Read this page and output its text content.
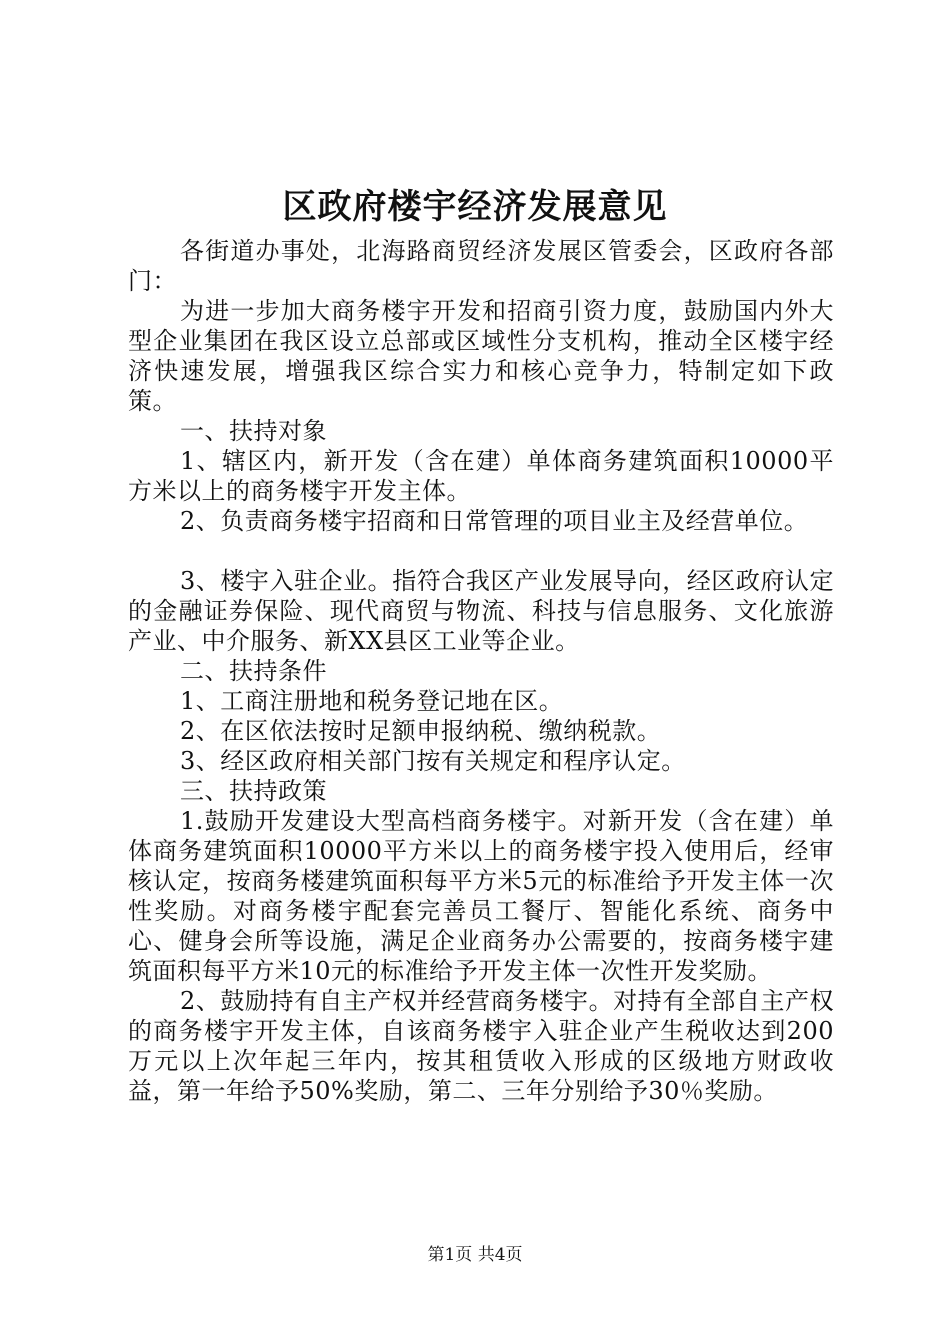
区政府楼宇经济发展意见

各街道办事处，北海路商贸经济发展区管委会，区政府各部门：

为进一步加大商务楼宇开发和招商引资力度，鼓励国内外大型企业集团在我区设立总部或区域性分支机构，推动全区楼宇经济快速发展，增强我区综合实力和核心竞争力，特制定如下政策。

一、扶持对象

1、辖区内，新开发（含在建）单体商务建筑面积10000平方米以上的商务楼宇开发主体。

2、负责商务楼宇招商和日常管理的项目业主及经营单位。

3、楼宇入驻企业。指符合我区产业发展导向，经区政府认定的金融证券保险、现代商贸与物流、科技与信息服务、文化旅游产业、中介服务、新XX县区工业等企业。

二、扶持条件

1、工商注册地和税务登记地在区。

2、在区依法按时足额申报纳税、缴纳税款。

3、经区政府相关部门按有关规定和程序认定。

三、扶持政策

1.鼓励开发建设大型高档商务楼宇。对新开发（含在建）单体商务建筑面积10000平方米以上的商务楼宇投入使用后，经审核认定，按商务楼建筑面积每平方米5元的标准给予开发主体一次性奖励。对商务楼宇配套完善员工餐厅、智能化系统、商务中心、健身会所等设施，满足企业商务办公需要的，按商务楼宇建筑面积每平方米10元的标准给予开发主体一次性开发奖励。

2、鼓励持有自主产权并经营商务楼宇。对持有全部自主产权的商务楼宇开发主体，自该商务楼宇入驻企业产生税收达到200万元以上次年起三年内，按其租赁收入形成的区级地方财政收益，第一年给予50%奖励，第二、三年分别给予30％奖励。

第1页 共4页
